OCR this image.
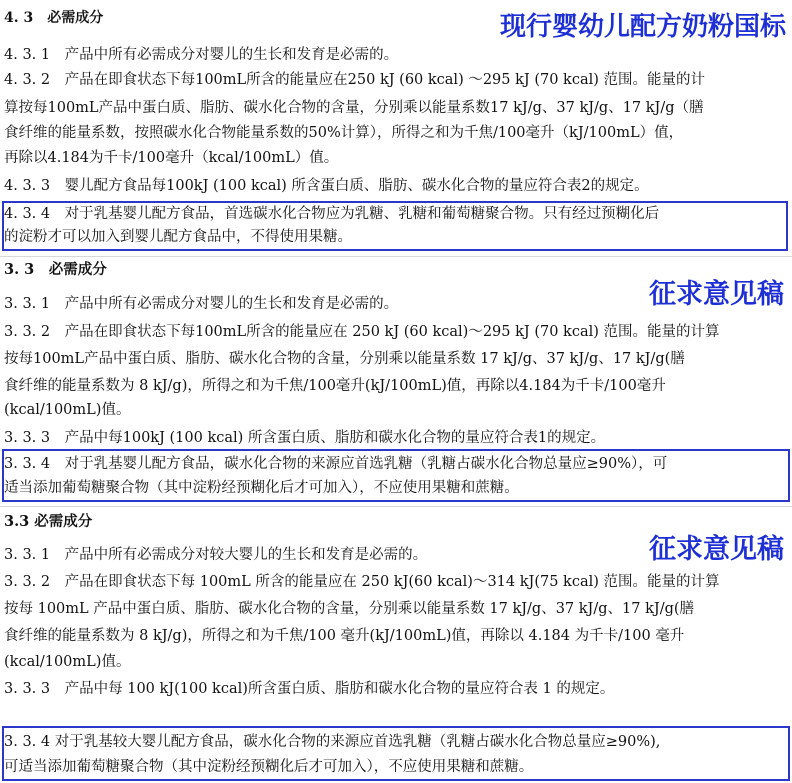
现行婴幼儿配方奶粉国标
4. 3　必需成分
4. 3. 1　产品中所有必需成分对婴儿的生长和发育是必需的。
4. 3. 2　产品在即食状态下每100mL所含的能量应在250 kJ (60 kcal) ～295 kJ (70 kcal) 范围。能量的计
算按每100mL产品中蛋白质、脂肪、碳水化合物的含量，分别乘以能量系数17 kJ/g、37 kJ/g、17 kJ/g（膳
食纤维的能量系数，按照碳水化合物能量系数的50%计算），所得之和为千焦/100毫升（kJ/100mL）值，
再除以4.184为千卡/100毫升（kcal/100mL）值。
4. 3. 3　婴儿配方食品每100kJ (100 kcal) 所含蛋白质、脂肪、碳水化合物的量应符合表2的规定。
4. 3. 4　对于乳基婴儿配方食品，首选碳水化合物应为乳糖、乳糖和葡萄糖聚合物。只有经过预糊化后
的淀粉才可以加入到婴儿配方食品中，不得使用果糖。
征求意见稿
3. 3　必需成分
3. 3. 1　产品中所有必需成分对婴儿的生长和发育是必需的。
3. 3. 2　产品在即食状态下每100mL所含的能量应在 250 kJ (60 kcal)～295 kJ (70 kcal) 范围。能量的计算
按每100mL产品中蛋白质、脂肪、碳水化合物的含量，分别乘以能量系数 17 kJ/g、37 kJ/g、17 kJ/g(膳
食纤维的能量系数为 8 kJ/g)，所得之和为千焦/100毫升(kJ/100mL)值，再除以4.184为千卡/100毫升
(kcal/100mL)值。
3. 3. 3　产品中每100kJ (100 kcal) 所含蛋白质、脂肪和碳水化合物的量应符合表1的规定。
3. 3. 4　对于乳基婴儿配方食品，碳水化合物的来源应首选乳糖（乳糖占碳水化合物总量应≥90%），可
适当添加葡萄糖聚合物（其中淀粉经预糊化后才可加入），不应使用果糖和蔗糖。
征求意见稿
3.3 必需成分
3. 3. 1　产品中所有必需成分对较大婴儿的生长和发育是必需的。
3. 3. 2　产品在即食状态下每 100mL 所含的能量应在 250 kJ(60 kcal)～314 kJ(75 kcal) 范围。能量的计算
按每 100mL 产品中蛋白质、脂肪、碳水化合物的含量，分别乘以能量系数 17 kJ/g、37 kJ/g、17 kJ/g(膳
食纤维的能量系数为 8 kJ/g)，所得之和为千焦/100 毫升(kJ/100mL)值，再除以 4.184 为千卡/100 毫升
(kcal/100mL)值。
3. 3. 3　产品中每 100 kJ(100 kcal)所含蛋白质、脂肪和碳水化合物的量应符合表 1 的规定。
3. 3. 4 对于乳基较大婴儿配方食品，碳水化合物的来源应首选乳糖（乳糖占碳水化合物总量应≥90%),
可适当添加葡萄糖聚合物（其中淀粉经预糊化后才可加入），不应使用果糖和蔗糖。
